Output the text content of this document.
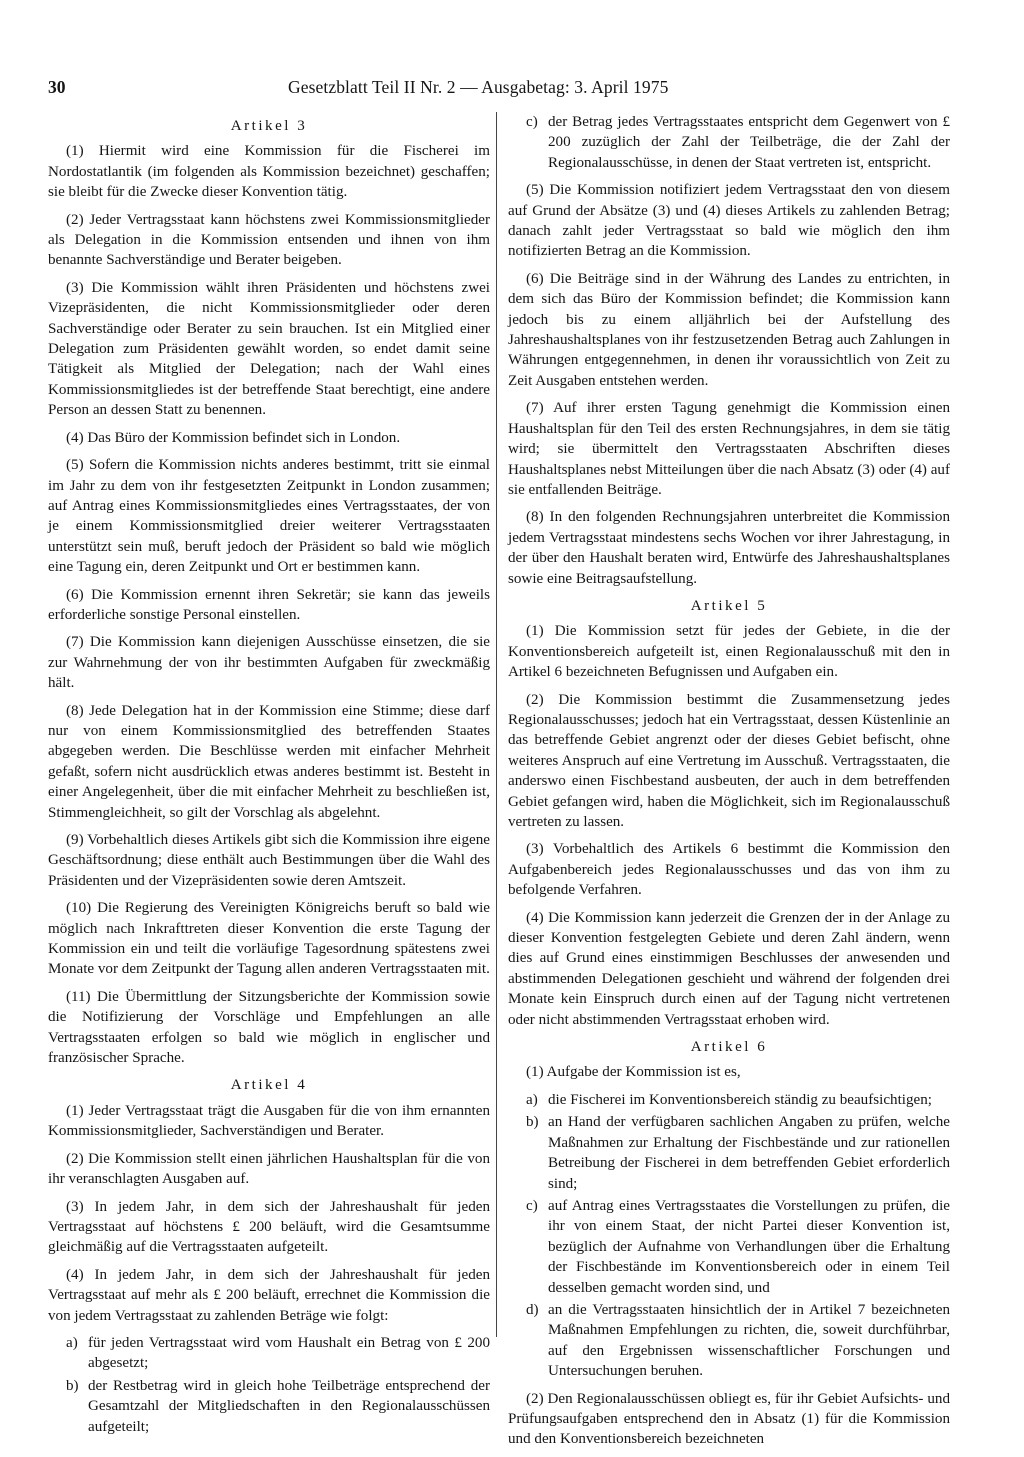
30	Gesetzblatt Teil II Nr. 2 — Ausgabetag: 3. April 1975
Artikel 3

(1) Hiermit wird eine Kommission für die Fischerei im Nordostatlantik (im folgenden als Kommission bezeichnet) geschaffen; sie bleibt für die Zwecke dieser Konvention tätig.

(2) Jeder Vertragsstaat kann höchstens zwei Kommissionsmitglieder als Delegation in die Kommission entsenden und ihnen von ihm benannte Sachverständige und Berater beigeben.

(3) Die Kommission wählt ihren Präsidenten und höchstens zwei Vizepräsidenten, die nicht Kommissionsmitglieder oder deren Sachverständige oder Berater zu sein brauchen. Ist ein Mitglied einer Delegation zum Präsidenten gewählt worden, so endet damit seine Tätigkeit als Mitglied der Delegation; nach der Wahl eines Kommissionsmitgliedes ist der betreffende Staat berechtigt, eine andere Person an dessen Statt zu benennen.

(4) Das Büro der Kommission befindet sich in London.

(5) Sofern die Kommission nichts anderes bestimmt, tritt sie einmal im Jahr zu dem von ihr festgesetzten Zeitpunkt in London zusammen; auf Antrag eines Kommissionsmitgliedes eines Vertragsstaates, der von je einem Kommissionsmitglied dreier weiterer Vertragsstaaten unterstützt sein muß, beruft jedoch der Präsident so bald wie möglich eine Tagung ein, deren Zeitpunkt und Ort er bestimmen kann.

(6) Die Kommission ernennt ihren Sekretär; sie kann das jeweils erforderliche sonstige Personal einstellen.

(7) Die Kommission kann diejenigen Ausschüsse einsetzen, die sie zur Wahrnehmung der von ihr bestimmten Aufgaben für zweckmäßig hält.

(8) Jede Delegation hat in der Kommission eine Stimme; diese darf nur von einem Kommissionsmitglied des betreffenden Staates abgegeben werden. Die Beschlüsse werden mit einfacher Mehrheit gefaßt, sofern nicht ausdrücklich etwas anderes bestimmt ist. Besteht in einer Angelegenheit, über die mit einfacher Mehrheit zu beschließen ist, Stimmengleichheit, so gilt der Vorschlag als abgelehnt.

(9) Vorbehaltlich dieses Artikels gibt sich die Kommission ihre eigene Geschäftsordnung; diese enthält auch Bestimmungen über die Wahl des Präsidenten und der Vizepräsidenten sowie deren Amtszeit.

(10) Die Regierung des Vereinigten Königreichs beruft so bald wie möglich nach Inkrafttreten dieser Konvention die erste Tagung der Kommission ein und teilt die vorläufige Tagesordnung spätestens zwei Monate vor dem Zeitpunkt der Tagung allen anderen Vertragsstaaten mit.

(11) Die Übermittlung der Sitzungsberichte der Kommission sowie die Notifizierung der Vorschläge und Empfehlungen an alle Vertragsstaaten erfolgen so bald wie möglich in englischer und französischer Sprache.

Artikel 4

(1) Jeder Vertragsstaat trägt die Ausgaben für die von ihm ernannten Kommissionsmitglieder, Sachverständigen und Berater.

(2) Die Kommission stellt einen jährlichen Haushaltsplan für die von ihr veranschlagten Ausgaben auf.

(3) In jedem Jahr, in dem sich der Jahreshaushalt für jeden Vertragsstaat auf höchstens £ 200 beläuft, wird die Gesamtsumme gleichmäßig auf die Vertragsstaaten aufgeteilt.

(4) In jedem Jahr, in dem sich der Jahreshaushalt für jeden Vertragsstaat auf mehr als £ 200 beläuft, errechnet die Kommission die von jedem Vertragsstaat zu zahlenden Beträge wie folgt:

a) für jeden Vertragsstaat wird vom Haushalt ein Betrag von £ 200 abgesetzt;
b) der Restbetrag wird in gleich hohe Teilbeträge entsprechend der Gesamtzahl der Mitgliedschaften in den Regionalausschüssen aufgeteilt;
c) der Betrag jedes Vertragsstaates entspricht dem Gegenwert von £ 200 zuzüglich der Zahl der Teilbeträge, die der Zahl der Regionalausschüsse, in denen der Staat vertreten ist, entspricht.

(5) Die Kommission notifiziert jedem Vertragsstaat den von diesem auf Grund der Absätze (3) und (4) dieses Artikels zu zahlenden Betrag; danach zahlt jeder Vertragsstaat so bald wie möglich den ihm notifizierten Betrag an die Kommission.

(6) Die Beiträge sind in der Währung des Landes zu entrichten, in dem sich das Büro der Kommission befindet; die Kommission kann jedoch bis zu einem alljährlich bei der Aufstellung des Jahreshaushaltsplanes von ihr festzusetzenden Betrag auch Zahlungen in Währungen entgegennehmen, in denen ihr voraussichtlich von Zeit zu Zeit Ausgaben entstehen werden.

(7) Auf ihrer ersten Tagung genehmigt die Kommission einen Haushaltsplan für den Teil des ersten Rechnungsjahres, in dem sie tätig wird; sie übermittelt den Vertragsstaaten Abschriften dieses Haushaltsplanes nebst Mitteilungen über die nach Absatz (3) oder (4) auf sie entfallenden Beiträge.

(8) In den folgenden Rechnungsjahren unterbreitet die Kommission jedem Vertragsstaat mindestens sechs Wochen vor ihrer Jahrestagung, in der über den Haushalt beraten wird, Entwürfe des Jahreshaushaltsplanes sowie eine Beitragsaufstellung.

Artikel 5

(1) Die Kommission setzt für jedes der Gebiete, in die der Konventionsbereich aufgeteilt ist, einen Regionalausschuß mit den in Artikel 6 bezeichneten Befugnissen und Aufgaben ein.

(2) Die Kommission bestimmt die Zusammensetzung jedes Regionalausschusses; jedoch hat ein Vertragsstaat, dessen Küstenlinie an das betreffende Gebiet angrenzt oder der dieses Gebiet befischt, ohne weiteres Anspruch auf eine Vertretung im Ausschuß. Vertragsstaaten, die anderswo einen Fischbestand ausbeuten, der auch in dem betreffenden Gebiet gefangen wird, haben die Möglichkeit, sich im Regionalausschuß vertreten zu lassen.

(3) Vorbehaltlich des Artikels 6 bestimmt die Kommission den Aufgabenbereich jedes Regionalausschusses und das von ihm zu befolgende Verfahren.

(4) Die Kommission kann jederzeit die Grenzen der in der Anlage zu dieser Konvention festgelegten Gebiete und deren Zahl ändern, wenn dies auf Grund eines einstimmigen Beschlusses der anwesenden und abstimmenden Delegationen geschieht und während der folgenden drei Monate kein Einspruch durch einen auf der Tagung nicht vertretenen oder nicht abstimmenden Vertragsstaat erhoben wird.

Artikel 6

(1) Aufgabe der Kommission ist es,

a) die Fischerei im Konventionsbereich ständig zu beaufsichtigen;
b) an Hand der verfügbaren sachlichen Angaben zu prüfen, welche Maßnahmen zur Erhaltung der Fischbestände und zur rationellen Betreibung der Fischerei in dem betreffenden Gebiet erforderlich sind;
c) auf Antrag eines Vertragsstaates die Vorstellungen zu prüfen, die ihr von einem Staat, der nicht Partei dieser Konvention ist, bezüglich der Aufnahme von Verhandlungen über die Erhaltung der Fischbestände im Konventionsbereich oder in einem Teil desselben gemacht worden sind, und
d) an die Vertragsstaaten hinsichtlich der in Artikel 7 bezeichneten Maßnahmen Empfehlungen zu richten, die, soweit durchführbar, auf den Ergebnissen wissenschaftlicher Forschungen und Untersuchungen beruhen.

(2) Den Regionalausschüssen obliegt es, für ihr Gebiet Aufsichts- und Prüfungsaufgaben entsprechend den in Absatz (1) für die Kommission und den Konventionsbereich bezeichneten
